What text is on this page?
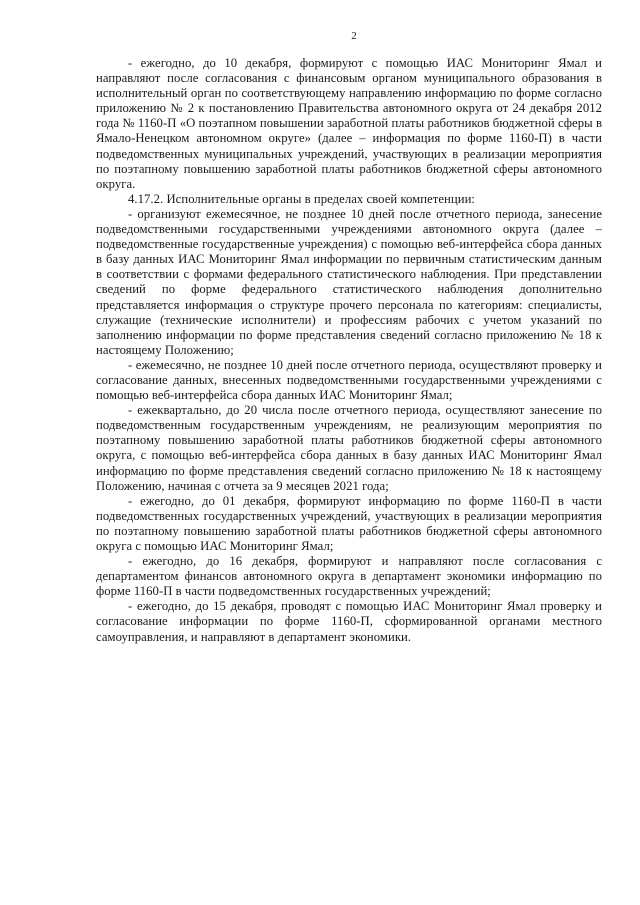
2

- ежегодно, до 10 декабря, формируют с помощью ИАС Мониторинг Ямал и направляют после согласования с финансовым органом муниципального образования в исполнительный орган по соответствующему направлению информацию по форме согласно приложению № 2 к постановлению Правительства автономного округа от 24 декабря 2012 года № 1160-П «О поэтапном повышении заработной платы работников бюджетной сферы в Ямало-Ненецком автономном округе» (далее – информация по форме 1160-П) в части подведомственных муниципальных учреждений, участвующих в реализации мероприятия по поэтапному повышению заработной платы работников бюджетной сферы автономного округа.

4.17.2. Исполнительные органы в пределах своей компетенции:

- организуют ежемесячное, не позднее 10 дней после отчетного периода, занесение подведомственными государственными учреждениями автономного округа (далее – подведомственные государственные учреждения) с помощью веб-интерфейса сбора данных в базу данных ИАС Мониторинг Ямал информации по первичным статистическим данным в соответствии с формами федерального статистического наблюдения. При представлении сведений по форме федерального статистического наблюдения дополнительно представляется информация о структуре прочего персонала по категориям: специалисты, служащие (технические исполнители) и профессиям рабочих с учетом указаний по заполнению информации по форме представления сведений согласно приложению № 18 к настоящему Положению;

- ежемесячно, не позднее 10 дней после отчетного периода, осуществляют проверку и согласование данных, внесенных подведомственными государственными учреждениями с помощью веб-интерфейса сбора данных ИАС Мониторинг Ямал;

- ежеквартально, до 20 числа после отчетного периода, осуществляют занесение по подведомственным государственным учреждениям, не реализующим мероприятия по поэтапному повышению заработной платы работников бюджетной сферы автономного округа, с помощью веб-интерфейса сбора данных в базу данных ИАС Мониторинг Ямал информацию по форме представления сведений согласно приложению № 18 к настоящему Положению, начиная с отчета за 9 месяцев 2021 года;

- ежегодно, до 01 декабря, формируют информацию по форме 1160-П в части подведомственных государственных учреждений, участвующих в реализации мероприятия по поэтапному повышению заработной платы работников бюджетной сферы автономного округа с помощью ИАС Мониторинг Ямал;

- ежегодно, до 16 декабря, формируют и направляют после согласования с департаментом финансов автономного округа в департамент экономики информацию по форме 1160-П в части подведомственных государственных учреждений;

- ежегодно, до 15 декабря, проводят с помощью ИАС Мониторинг Ямал проверку и согласование информации по форме 1160-П, сформированной органами местного самоуправления, и направляют в департамент экономики.
